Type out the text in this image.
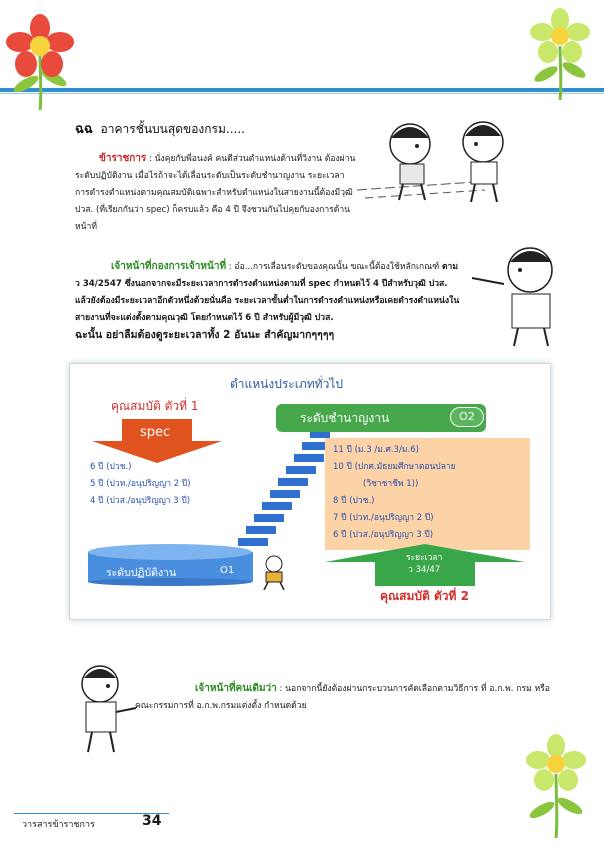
ฉฉ อาคารชั้นบนสุดของกรม.....
ข้าราชการ : นั่งคุยกับพี่อนงค์ คนดีส่วนตำแหน่งด้านที่วิงาน ต้องผ่านระดับปฏิบัติงาน เมื่อไรถ้าจะได้เลื่อนระดับเป็นระดับชำนาญงาน ระยะเวลาการดำรงตำแหน่งตามคุณสมบัติเฉพาะสำหรับตำแหน่งในสายงานนี้ต้องมีวุฒิ ปวส. (ที่เรียกกันว่า spec) ก็ครบแล้ว คือ 4 ปี จึงชวนกันไปคุยกับองการด้านหน้าที่
เจ้าหน้าที่กองการเจ้าหน้าที่ : อ๋อ...การเลื่อนระดับของคุณนั้น ขณะนี้ต้องใช้หลักเกณฑ์ ตาม ว 34/2547 ซึ่งนอกจากจะมีระยะเวลาการดำรงตำแหน่งตามที่ spec กำหนดไว้ 4 ปีสำหรับวุฒิ ปวส. แล้วยังต้องมีระยะเวลาอีกตัวหนึ่งด้วยนั่นคือ ระยะเวลาขั้นต่ำในการดำรงตำแหน่งหรือเคยดำรงตำแหน่งในสายงานที่จะแต่งตั้งตามคุณวุฒิ โดยกำหนดไว้ 6 ปี สำหรับผู้มีวุฒิ ปวส.
ฉะนั้น อย่าลืมต้องดูระยะเวลาทั้ง 2 อันนะ สำคัญมากๆๆๆๆ
ตำแหน่งประเภททั่วไป
คุณสมบัติ ตัวที่ 1
spec
6 ปี (ปวช.)
5 ปี (ปวท./อนุปริญญา 2 ปี)
4 ปี (ปวส./อนุปริญญา 3 ปี)
ระดับชำนาญงาน	O2
11 ปี (ม.3 /ม.ศ.3/ม.6)
10 ปี (ปกศ.มัธยมศึกษาตอนปลาย
(วิชาชาชีพ 1))
8 ปี (ปวช.)
7 ปี (ปวท./อนุปริญญา 2 ปี)
6 ปี (ปวส./อนุปริญญา 3 ปี)
ระดับปฏิบัติงาน	O1
ระยะเวลา
ว 34/47
คุณสมบัติ ตัวที่ 2
เจ้าหน้าที่คนเดิมว่า : นอกจากนี้ยังต้องผ่านกระบวนการคัดเลือกตามวิธีการ ที่ อ.ก.พ. กรม หรือคณะกรรมการที่ อ.ก.พ.กรมแต่งตั้ง กำหนดด้วย
วารสารข้าราชการ	34
